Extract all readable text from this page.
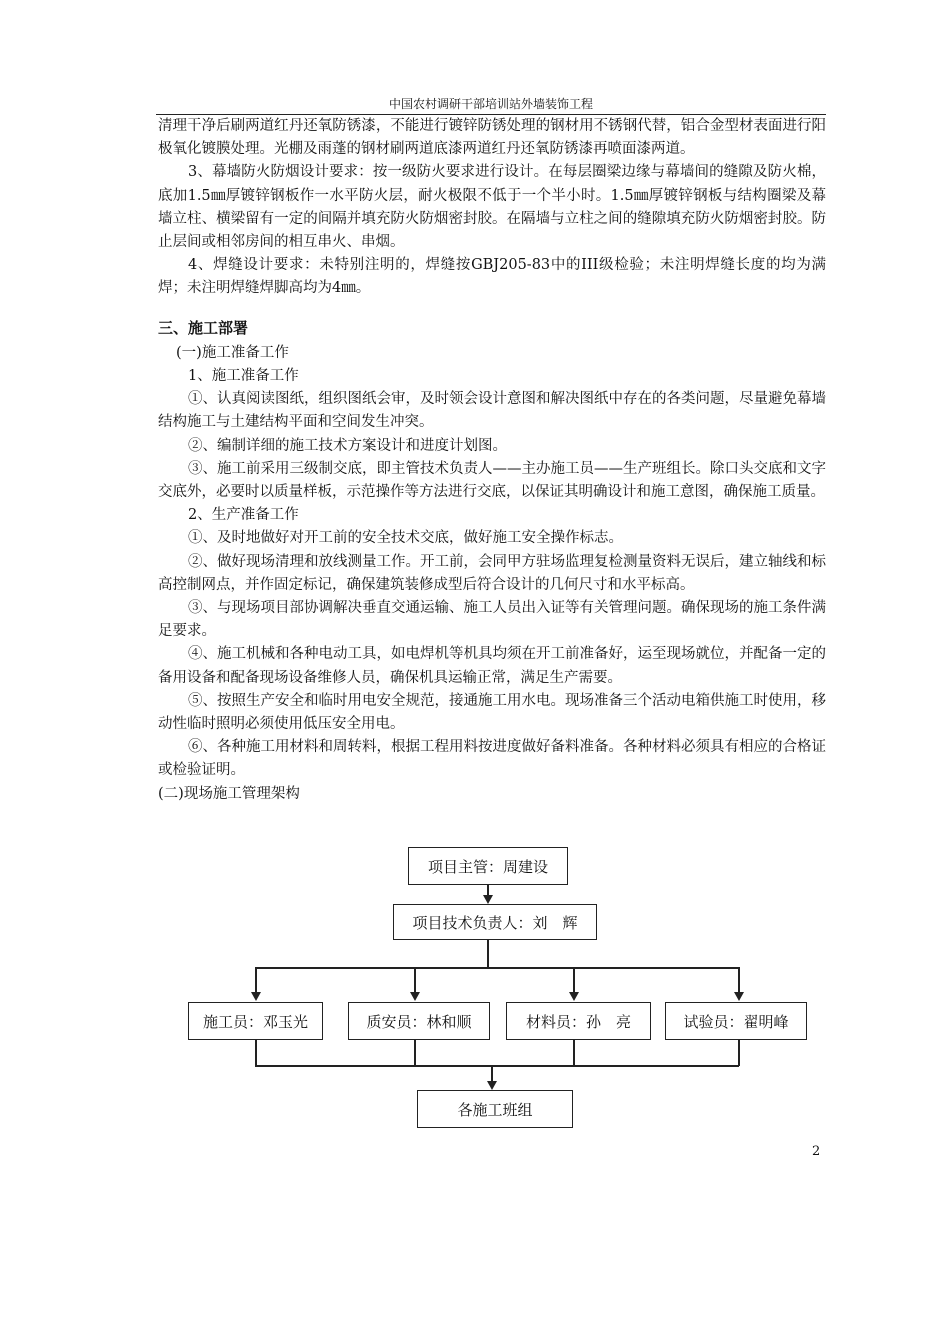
中国农村调研干部培训站外墙装饰工程

清理干净后刷两道红丹还氧防锈漆，不能进行镀锌防锈处理的钢材用不锈钢代替，铝合金型材表面进行阳极氧化镀膜处理。光棚及雨蓬的钢材刷两道底漆两道红丹还氧防锈漆再喷面漆两道。

3、幕墙防火防烟设计要求：按一级防火要求进行设计。在每层圈梁边缘与幕墙间的缝隙及防火棉，底加1.5㎜厚镀锌钢板作一水平防火层，耐火极限不低于一个半小时。1.5㎜厚镀锌钢板与结构圈梁及幕墙立柱、横梁留有一定的间隔并填充防火防烟密封胶。在隔墙与立柱之间的缝隙填充防火防烟密封胶。防止层间或相邻房间的相互串火、串烟。

4、焊缝设计要求：未特别注明的，焊缝按GBJ205-83中的III级检验；未注明焊缝长度的均为满焊；未注明焊缝焊脚高均为4㎜。

三、施工部署

(一)施工准备工作

1、施工准备工作

①、认真阅读图纸，组织图纸会审，及时领会设计意图和解决图纸中存在的各类问题，尽量避免幕墙结构施工与土建结构平面和空间发生冲突。

②、编制详细的施工技术方案设计和进度计划图。

③、施工前采用三级制交底，即主管技术负责人——主办施工员——生产班组长。除口头交底和文字交底外，必要时以质量样板，示范操作等方法进行交底，以保证其明确设计和施工意图，确保施工质量。

2、生产准备工作

①、及时地做好对开工前的安全技术交底，做好施工安全操作标志。

②、做好现场清理和放线测量工作。开工前，会同甲方驻场监理复检测量资料无误后，建立轴线和标高控制网点，并作固定标记，确保建筑装修成型后符合设计的几何尺寸和水平标高。

③、与现场项目部协调解决垂直交通运输、施工人员出入证等有关管理问题。确保现场的施工条件满足要求。

④、施工机械和各种电动工具，如电焊机等机具均须在开工前准备好，运至现场就位，并配备一定的备用设备和配备现场设备维修人员，确保机具运输正常，满足生产需要。

⑤、按照生产安全和临时用电安全规范，接通施工用水电。现场准备三个活动电箱供施工时使用，移动性临时照明必须使用低压安全用电。

⑥、各种施工用材料和周转料，根据工程用料按进度做好备料准备。各种材料必须具有相应的合格证或检验证明。

(二)现场施工管理架构

项目主管：周建设
项目技术负责人：刘　辉
施工员：邓玉光	质安员：林和顺	材料员：孙　亮	试验员：翟明峰
各施工班组
2
